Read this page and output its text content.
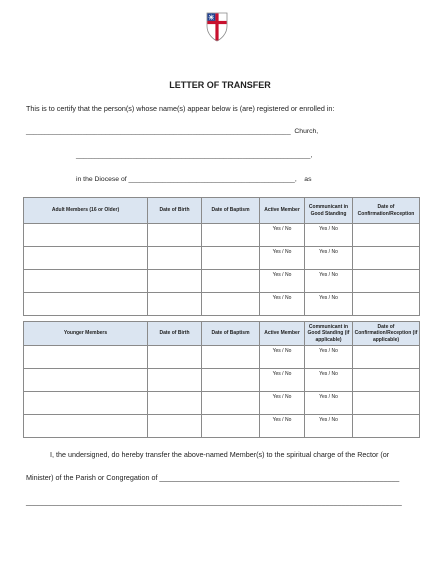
LETTER OF TRANSFER
This is to certify that the person(s) whose name(s) appear below is (are) registered or enrolled in:
______________________________________________________________________  Church,
______________________________________________________________,
in the Diocese of ____________________________________________,    as
Adult Members (16 or Older)	Date of Birth	Date of Baptism	Active Member	Communicant in Good Standing	Date of Confirmation/Reception
			Yes / No	Yes / No	
			Yes / No	Yes / No	
			Yes / No	Yes / No	
			Yes / No	Yes / No	
Younger Members	Date of Birth	Date of Baptism	Active Member	Communicant in Good Standing (if applicable)	Date of Confirmation/Reception (if applicable)
			Yes / No	Yes / No	
			Yes / No	Yes / No	
			Yes / No	Yes / No	
			Yes / No	Yes / No	
I, the undersigned, do hereby transfer the above-named Member(s) to the spiritual charge of the Rector (or
Minister) of the Parish or Congregation of ____________________________________________________________
______________________________________________________________________________________________
